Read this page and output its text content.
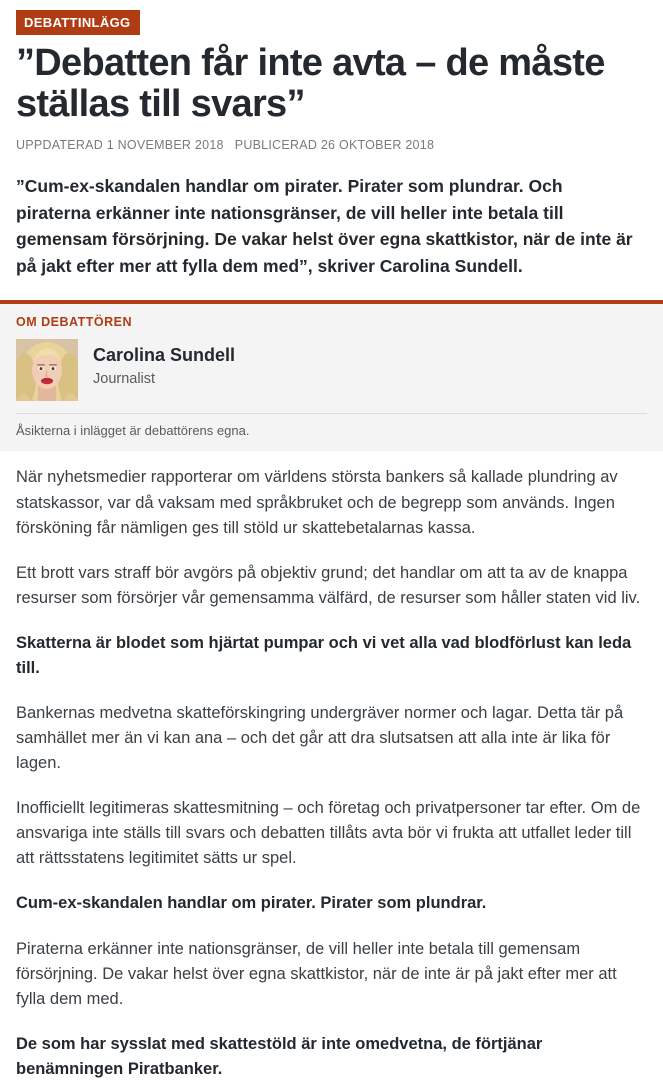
DEBATTINLÄGG
”Debatten får inte avta – de måste ställas till svars”
UPPDATERAD 1 NOVEMBER 2018 PUBLICERAD 26 OKTOBER 2018

”Cum-ex-skandalen handlar om pirater. Pirater som plundrar. Och piraterna erkänner inte nationsgränser, de vill heller inte betala till gemensam försörjning. De vakar helst över egna skattkistor, när de inte är på jakt efter mer att fylla dem med”, skriver Carolina Sundell.

OM DEBATTÖREN
Carolina Sundell
Journalist
Åsikterna i inlägget är debattörens egna.

När nyhetsmedier rapporterar om världens största bankers så kallade plundring av statskassor, var då vaksam med språkbruket och de begrepp som används. Ingen försköning får nämligen ges till stöld ur skattebetalarnas kassa.

Ett brott vars straff bör avgörs på objektiv grund; det handlar om att ta av de knappa resurser som försörjer vår gemensamma välfärd, de resurser som håller staten vid liv.

Skatterna är blodet som hjärtat pumpar och vi vet alla vad blodförlust kan leda till.

Bankernas medvetna skatteförskingring undergräver normer och lagar. Detta tär på samhället mer än vi kan ana – och det går att dra slutsatsen att alla inte är lika för lagen.

Inofficiellt legitimeras skattesmitning – och företag och privatpersoner tar efter. Om de ansvariga inte ställs till svars och debatten tillåts avta bör vi frukta att utfallet leder till att rättsstatens legitimitet sätts ur spel.

Cum-ex-skandalen handlar om pirater. Pirater som plundrar.

Piraterna erkänner inte nationsgränser, de vill heller inte betala till gemensam försörjning. De vakar helst över egna skattkistor, när de inte är på jakt efter mer att fylla dem med.

De som har sysslat med skattestöld är inte omedvetna, de förtjänar benämningen Piratbanker.
